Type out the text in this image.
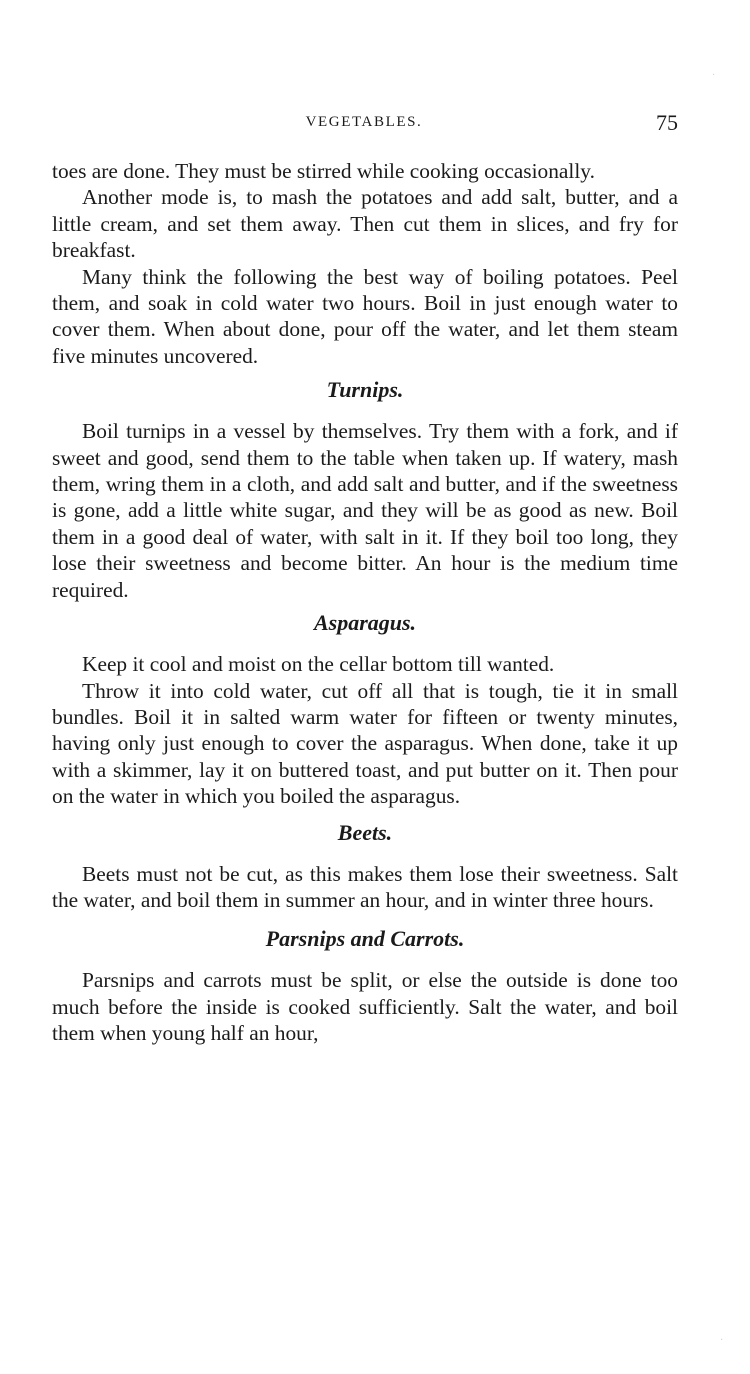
VEGETABLES.	75

toes are done. They must be stirred while cooking occasionally.

Another mode is, to mash the potatoes and add salt, butter, and a little cream, and set them away. Then cut them in slices, and fry for breakfast.

Many think the following the best way of boiling potatoes. Peel them, and soak in cold water two hours. Boil in just enough water to cover them. When about done, pour off the water, and let them steam five minutes uncovered.

Turnips.

Boil turnips in a vessel by themselves. Try them with a fork, and if sweet and good, send them to the table when taken up. If watery, mash them, wring them in a cloth, and add salt and butter, and if the sweetness is gone, add a little white sugar, and they will be as good as new. Boil them in a good deal of water, with salt in it. If they boil too long, they lose their sweetness and become bitter. An hour is the medium time required.

Asparagus.

Keep it cool and moist on the cellar bottom till wanted.

Throw it into cold water, cut off all that is tough, tie it in small bundles. Boil it in salted warm water for fifteen or twenty minutes, having only just enough to cover the asparagus. When done, take it up with a skimmer, lay it on buttered toast, and put butter on it. Then pour on the water in which you boiled the asparagus.

Beets.

Beets must not be cut, as this makes them lose their sweetness. Salt the water, and boil them in summer an hour, and in winter three hours.

Parsnips and Carrots.

Parsnips and carrots must be split, or else the outside is done too much before the inside is cooked sufficiently. Salt the water, and boil them when young half an hour,

·
·
